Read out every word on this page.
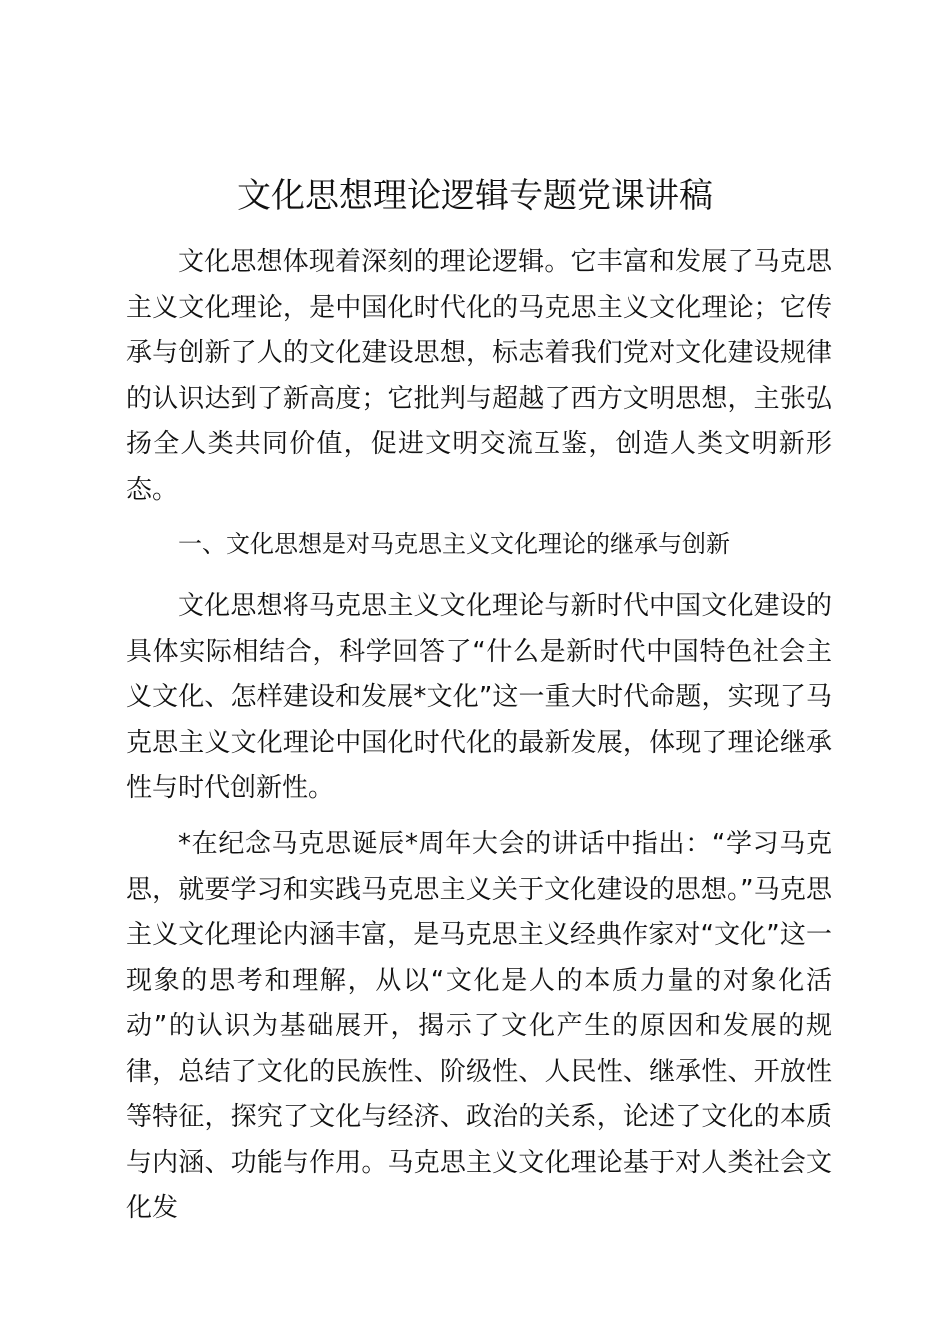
文化思想理论逻辑专题党课讲稿

文化思想体现着深刻的理论逻辑。它丰富和发展了马克思主义文化理论，是中国化时代化的马克思主义文化理论；它传承与创新了人的文化建设思想，标志着我们党对文化建设规律的认识达到了新高度；它批判与超越了西方文明思想，主张弘扬全人类共同价值，促进文明交流互鉴，创造人类文明新形态。

一、文化思想是对马克思主义文化理论的继承与创新

文化思想将马克思主义文化理论与新时代中国文化建设的具体实际相结合，科学回答了“什么是新时代中国特色社会主义文化、怎样建设和发展*文化”这一重大时代命题，实现了马克思主义文化理论中国化时代化的最新发展，体现了理论继承性与时代创新性。

*在纪念马克思诞辰*周年大会的讲话中指出：“学习马克思，就要学习和实践马克思主义关于文化建设的思想。”马克思主义文化理论内涵丰富，是马克思主义经典作家对“文化”这一现象的思考和理解，从以“文化是人的本质力量的对象化活动”的认识为基础展开，揭示了文化产生的原因和发展的规律，总结了文化的民族性、阶级性、人民性、继承性、开放性等特征，探究了文化与经济、政治的关系，论述了文化的本质与内涵、功能与作用。马克思主义文化理论基于对人类社会文化发
